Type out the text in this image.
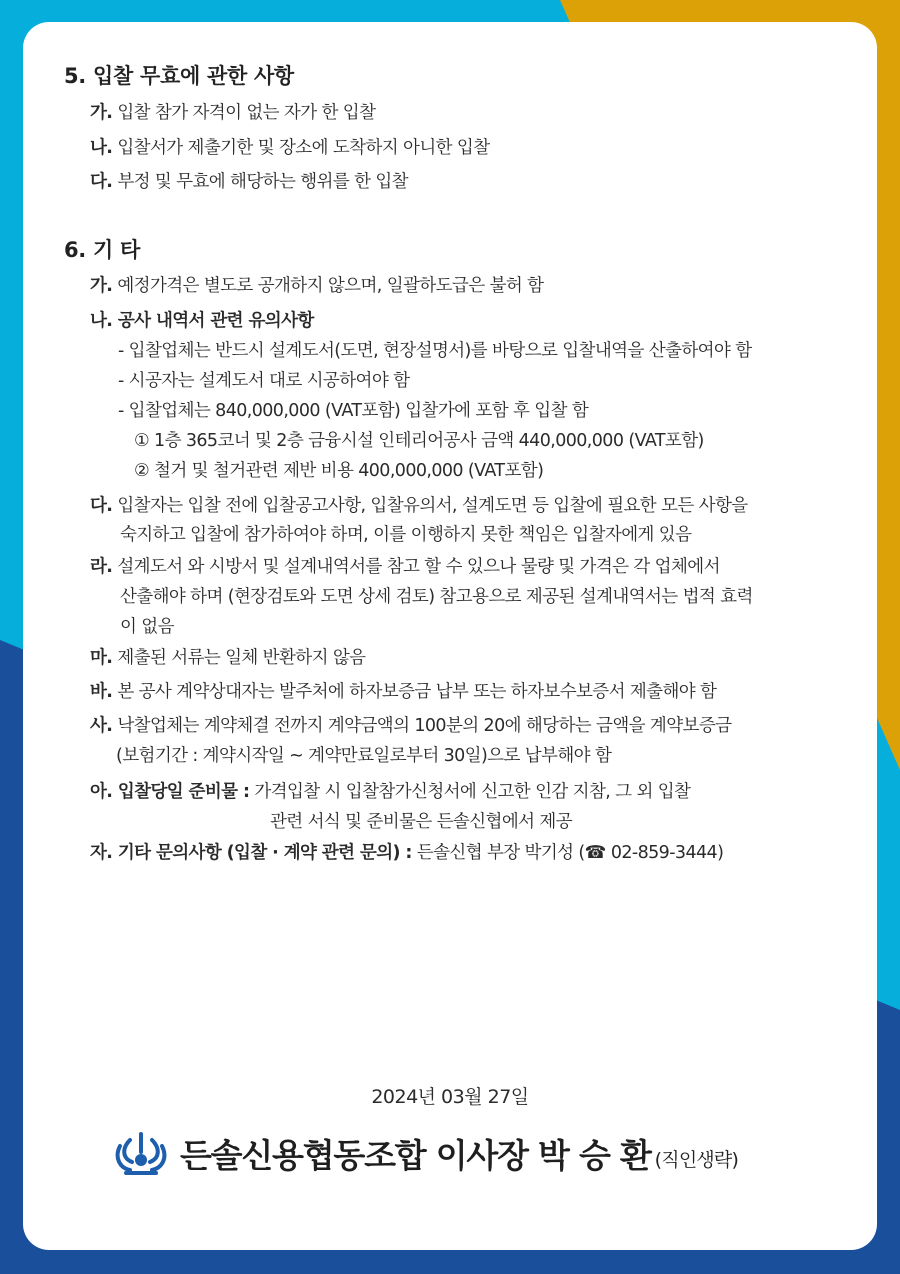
5. 입찰 무효에 관한 사항
가. 입찰 참가 자격이 없는 자가 한 입찰
나. 입찰서가 제출기한 및 장소에 도착하지 아니한 입찰
다. 부정 및 무효에 해당하는 행위를 한 입찰
6. 기 타
가. 예정가격은 별도로 공개하지 않으며, 일괄하도급은 불허 함
나. 공사 내역서 관련 유의사항
- 입찰업체는 반드시 설계도서(도면, 현장설명서)를 바탕으로 입찰내역을 산출하여야 함
- 시공자는 설계도서 대로 시공하여야 함
- 입찰업체는 840,000,000 (VAT포함) 입찰가에 포함 후 입찰 함
① 1층 365코너 및 2층 금융시설 인테리어공사 금액 440,000,000 (VAT포함)
② 철거 및 철거관련 제반 비용 400,000,000 (VAT포함)
다. 입찰자는 입찰 전에 입찰공고사항, 입찰유의서, 설계도면 등 입찰에 필요한 모든 사항을
숙지하고 입찰에 참가하여야 하며, 이를 이행하지 못한 책임은 입찰자에게 있음
라. 설계도서 와 시방서 및 설계내역서를 참고 할 수 있으나 물량 및 가격은 각 업체에서
산출해야 하며 (현장검토와 도면 상세 검토) 참고용으로 제공된 설계내역서는 법적 효력
이 없음
마. 제출된 서류는 일체 반환하지 않음
바. 본 공사 계약상대자는 발주처에 하자보증금 납부 또는 하자보수보증서 제출해야 함
사. 낙찰업체는 계약체결 전까지 계약금액의 100분의 20에 해당하는 금액을 계약보증금
(보험기간 : 계약시작일 ~ 계약만료일로부터 30일)으로 납부해야 함
아. 입찰당일 준비물 : 가격입찰 시 입찰참가신청서에 신고한 인감 지참, 그 외 입찰
관련 서식 및 준비물은 든솔신협에서 제공
자. 기타 문의사항 (입찰 · 계약 관련 문의) : 든솔신협 부장 박기성 (☎ 02-859-3444)
2024년 03월 27일
든솔신용협동조합 이사장 박 승 환 (직인생략)
